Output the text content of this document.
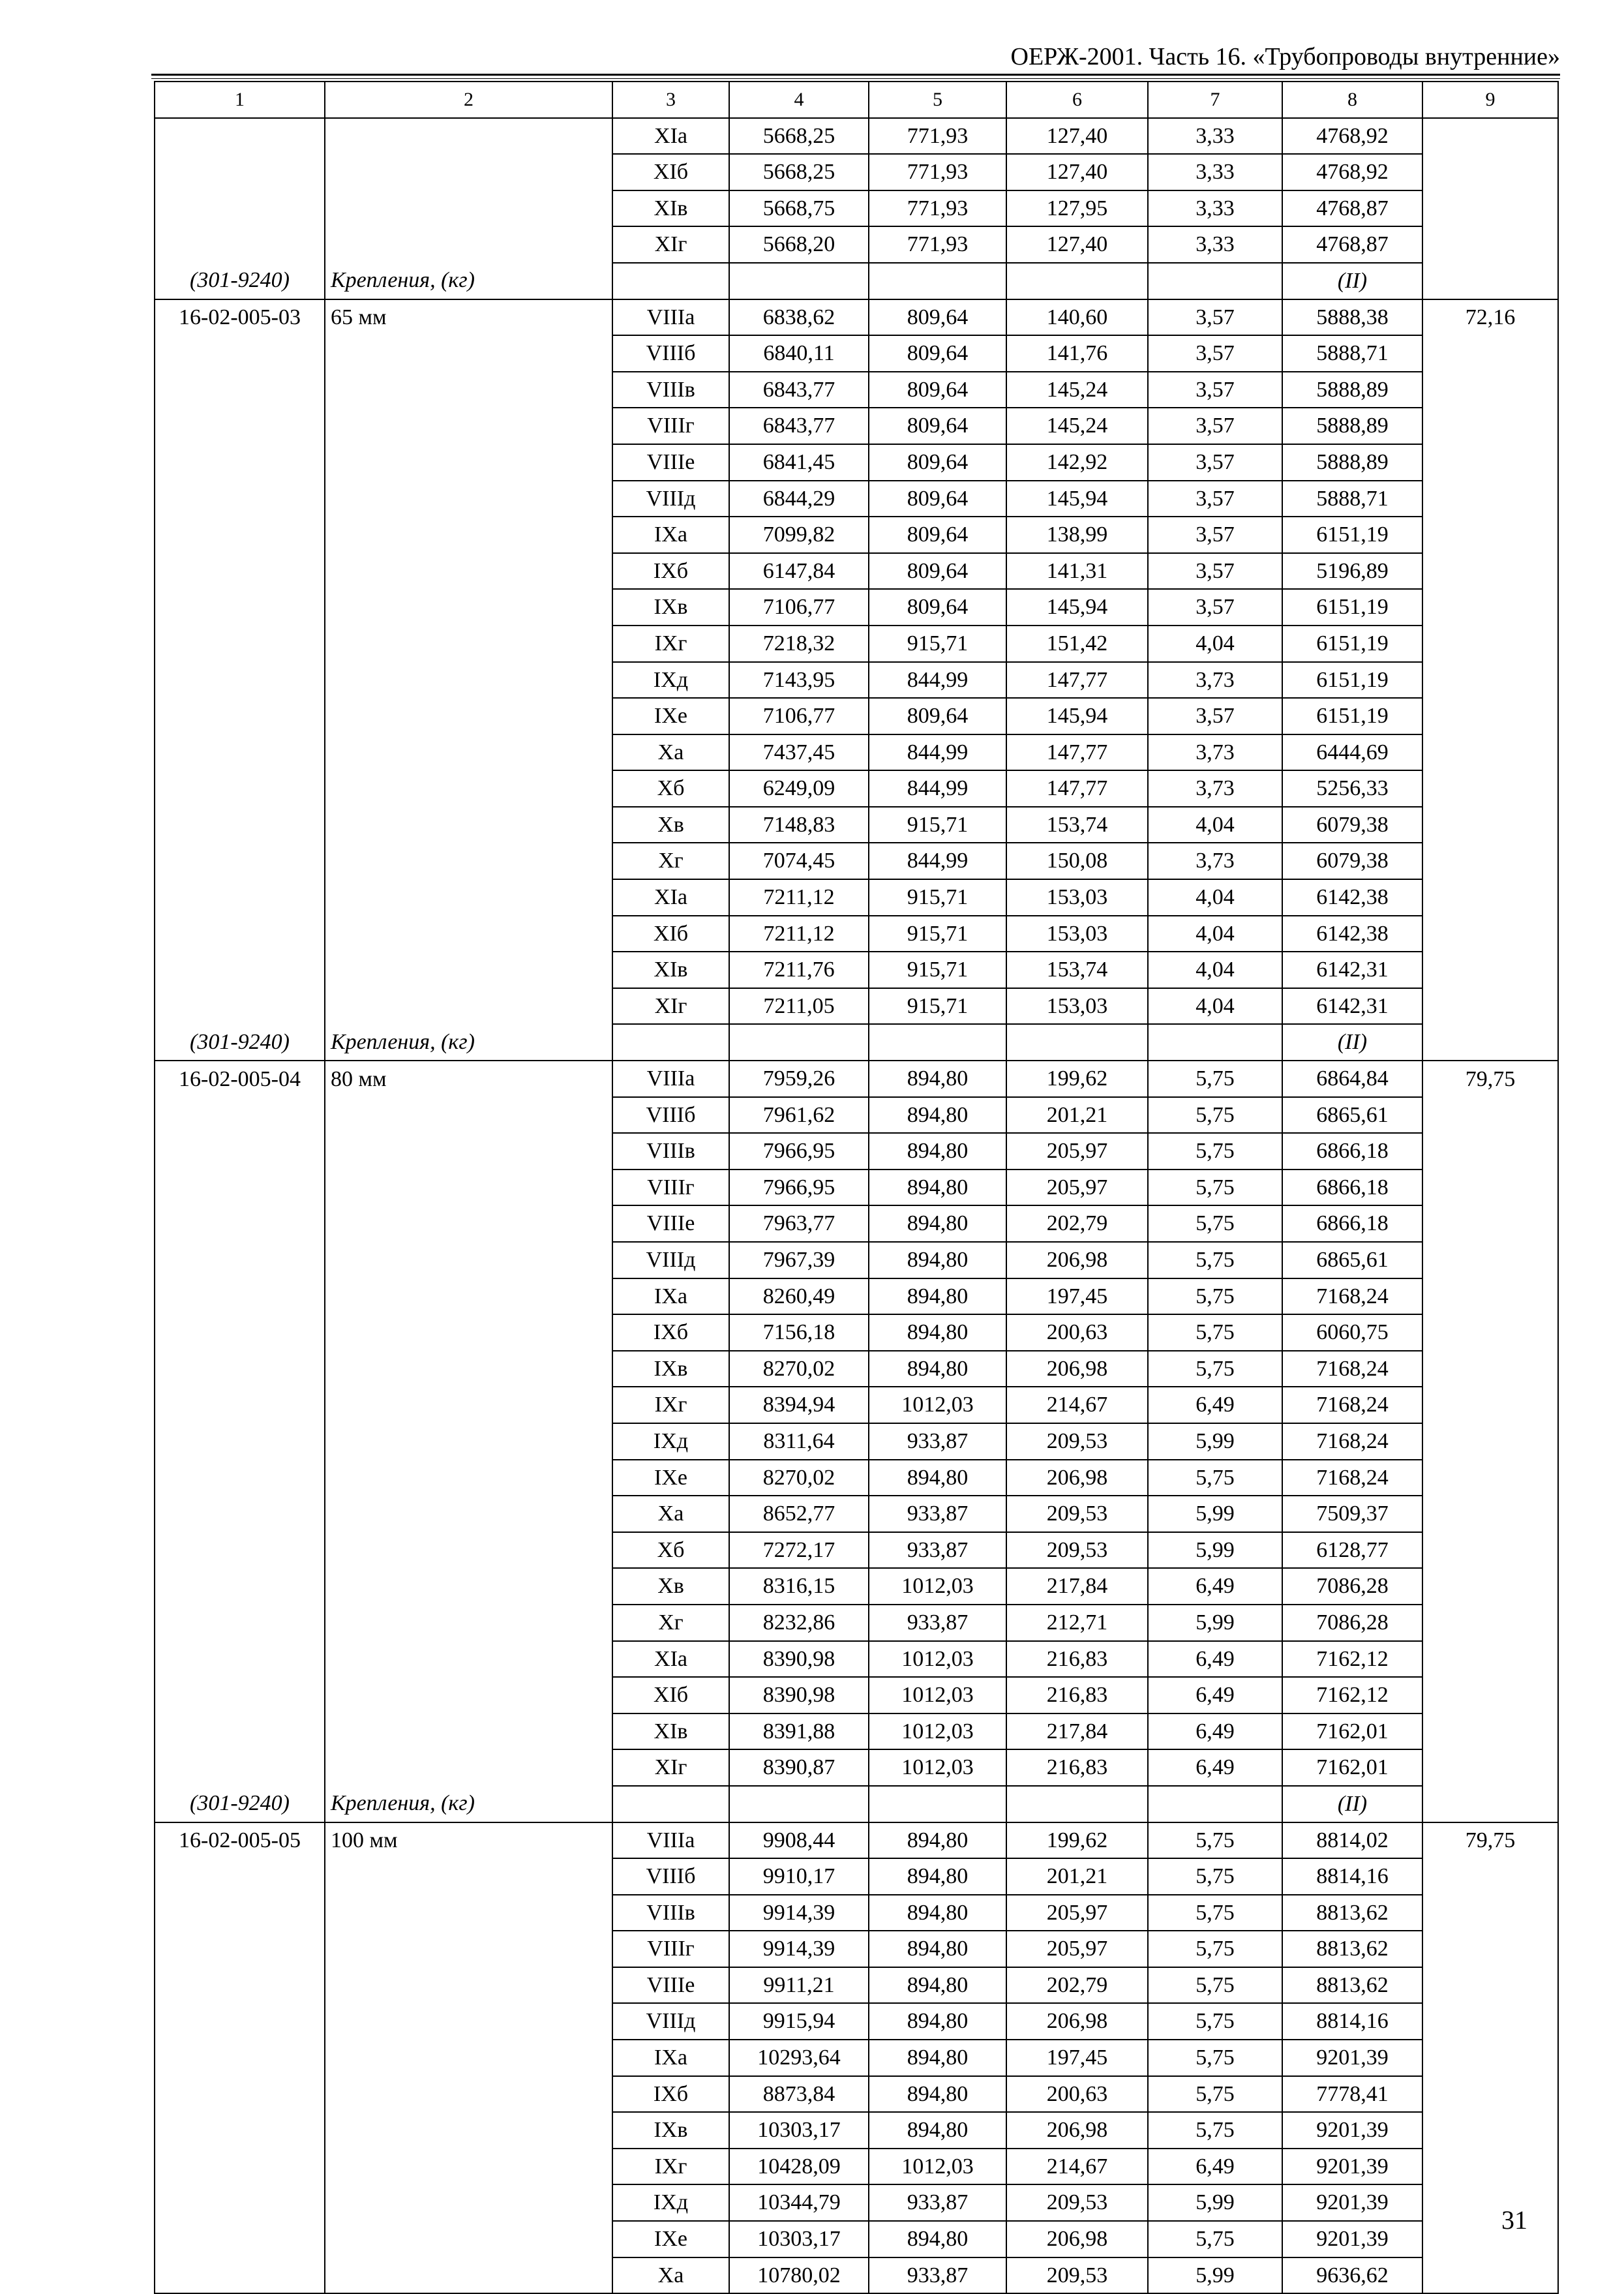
ОЕРЖ-2001. Часть 16. «Трубопроводы внутренние»
1	2	3	4	5	6	7	8	9
		XIа	5668,25	771,93	127,40	3,33	4768,92	
		XIб	5668,25	771,93	127,40	3,33	4768,92	
		XIв	5668,75	771,93	127,95	3,33	4768,87	
		XIг	5668,20	771,93	127,40	3,33	4768,87	
(301-9240)	Крепления, (кг)						(II)	
16-02-005-03	65 мм	VIIIа	6838,62	809,64	140,60	3,57	5888,38	72,16
		VIIIб	6840,11	809,64	141,76	3,57	5888,71	
		VIIIв	6843,77	809,64	145,24	3,57	5888,89	
		VIIIг	6843,77	809,64	145,24	3,57	5888,89	
		VIIIе	6841,45	809,64	142,92	3,57	5888,89	
		VIIIд	6844,29	809,64	145,94	3,57	5888,71	
		IXа	7099,82	809,64	138,99	3,57	6151,19	
		IXб	6147,84	809,64	141,31	3,57	5196,89	
		IXв	7106,77	809,64	145,94	3,57	6151,19	
		IXг	7218,32	915,71	151,42	4,04	6151,19	
		IXд	7143,95	844,99	147,77	3,73	6151,19	
		IXе	7106,77	809,64	145,94	3,57	6151,19	
		Xа	7437,45	844,99	147,77	3,73	6444,69	
		Xб	6249,09	844,99	147,77	3,73	5256,33	
		Xв	7148,83	915,71	153,74	4,04	6079,38	
		Xг	7074,45	844,99	150,08	3,73	6079,38	
		XIа	7211,12	915,71	153,03	4,04	6142,38	
		XIб	7211,12	915,71	153,03	4,04	6142,38	
		XIв	7211,76	915,71	153,74	4,04	6142,31	
		XIг	7211,05	915,71	153,03	4,04	6142,31	
(301-9240)	Крепления, (кг)						(II)	
16-02-005-04	80 мм	VIIIа	7959,26	894,80	199,62	5,75	6864,84	79,75
		VIIIб	7961,62	894,80	201,21	5,75	6865,61	
		VIIIв	7966,95	894,80	205,97	5,75	6866,18	
		VIIIг	7966,95	894,80	205,97	5,75	6866,18	
		VIIIе	7963,77	894,80	202,79	5,75	6866,18	
		VIIIд	7967,39	894,80	206,98	5,75	6865,61	
		IXа	8260,49	894,80	197,45	5,75	7168,24	
		IXб	7156,18	894,80	200,63	5,75	6060,75	
		IXв	8270,02	894,80	206,98	5,75	7168,24	
		IXг	8394,94	1012,03	214,67	6,49	7168,24	
		IXд	8311,64	933,87	209,53	5,99	7168,24	
		IXе	8270,02	894,80	206,98	5,75	7168,24	
		Xа	8652,77	933,87	209,53	5,99	7509,37	
		Xб	7272,17	933,87	209,53	5,99	6128,77	
		Xв	8316,15	1012,03	217,84	6,49	7086,28	
		Xг	8232,86	933,87	212,71	5,99	7086,28	
		XIа	8390,98	1012,03	216,83	6,49	7162,12	
		XIб	8390,98	1012,03	216,83	6,49	7162,12	
		XIв	8391,88	1012,03	217,84	6,49	7162,01	
		XIг	8390,87	1012,03	216,83	6,49	7162,01	
(301-9240)	Крепления, (кг)						(II)	
16-02-005-05	100 мм	VIIIа	9908,44	894,80	199,62	5,75	8814,02	79,75
		VIIIб	9910,17	894,80	201,21	5,75	8814,16	
		VIIIв	9914,39	894,80	205,97	5,75	8813,62	
		VIIIг	9914,39	894,80	205,97	5,75	8813,62	
		VIIIе	9911,21	894,80	202,79	5,75	8813,62	
		VIIIд	9915,94	894,80	206,98	5,75	8814,16	
		IXа	10293,64	894,80	197,45	5,75	9201,39	
		IXб	8873,84	894,80	200,63	5,75	7778,41	
		IXв	10303,17	894,80	206,98	5,75	9201,39	
		IXг	10428,09	1012,03	214,67	6,49	9201,39	
		IXд	10344,79	933,87	209,53	5,99	9201,39	
		IXе	10303,17	894,80	206,98	5,75	9201,39	
		Xа	10780,02	933,87	209,53	5,99	9636,62	
31
